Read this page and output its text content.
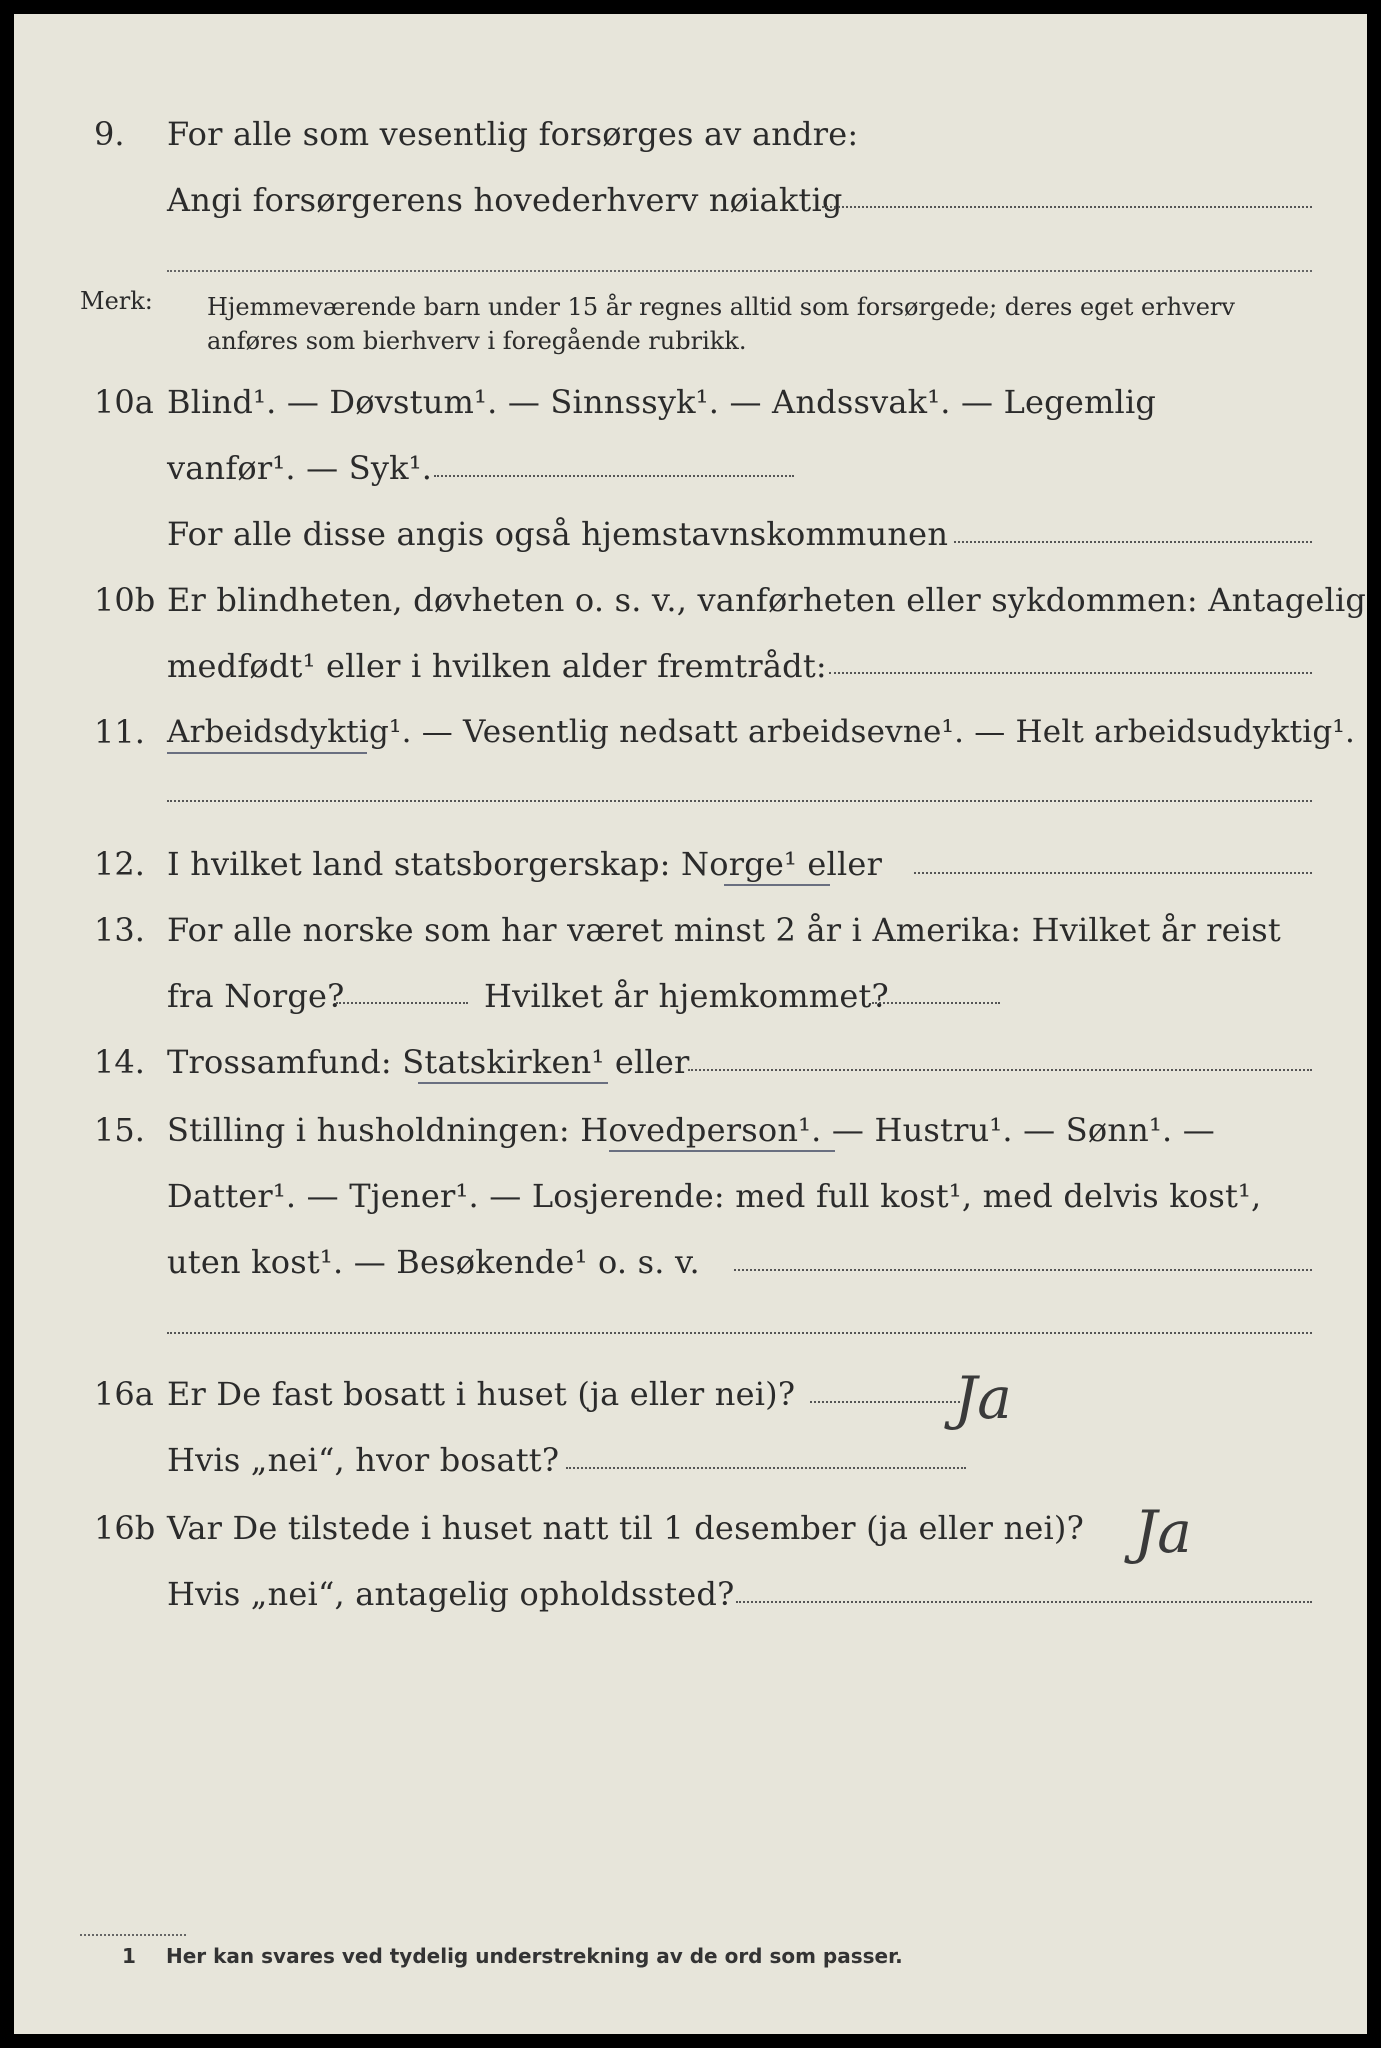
9. For alle som vesentlig forsørges av andre:
Angi forsørgerens hovederhverv nøiaktig
Merk: Hjemmeværende barn under 15 år regnes alltid som forsørgede; deres eget erhverv
anføres som bierhverv i foregående rubrikk.
10a Blind¹. — Døvstum¹. — Sinnssyk¹. — Andssvak¹. — Legemlig
vanfør¹. — Syk¹.
For alle disse angis også hjemstavnskommunen
10b Er blindheten, døvheten o. s. v., vanførheten eller sykdommen: Antagelig
medfødt¹ eller i hvilken alder fremtrådt:
11. Arbeidsdyktig¹. — Vesentlig nedsatt arbeidsevne¹. — Helt arbeidsudyktig¹.
12. I hvilket land statsborgerskap: Norge¹ eller
13. For alle norske som har været minst 2 år i Amerika: Hvilket år reist
fra Norge?	Hvilket år hjemkommet?
14. Trossamfund: Statskirken¹ eller
15. Stilling i husholdningen: Hovedperson¹. — Hustru¹. — Sønn¹. —
Datter¹. — Tjener¹. — Losjerende: med full kost¹, med delvis kost¹,
uten kost¹. — Besøkende¹ o. s. v.
16a Er De fast bosatt i huset (ja eller nei)?	Ja
Hvis „nei“, hvor bosatt?
16b Var De tilstede i huset natt til 1 desember (ja eller nei)? Ja
Hvis „nei“, antagelig opholdssted?
1 Her kan svares ved tydelig understrekning av de ord som passer.
